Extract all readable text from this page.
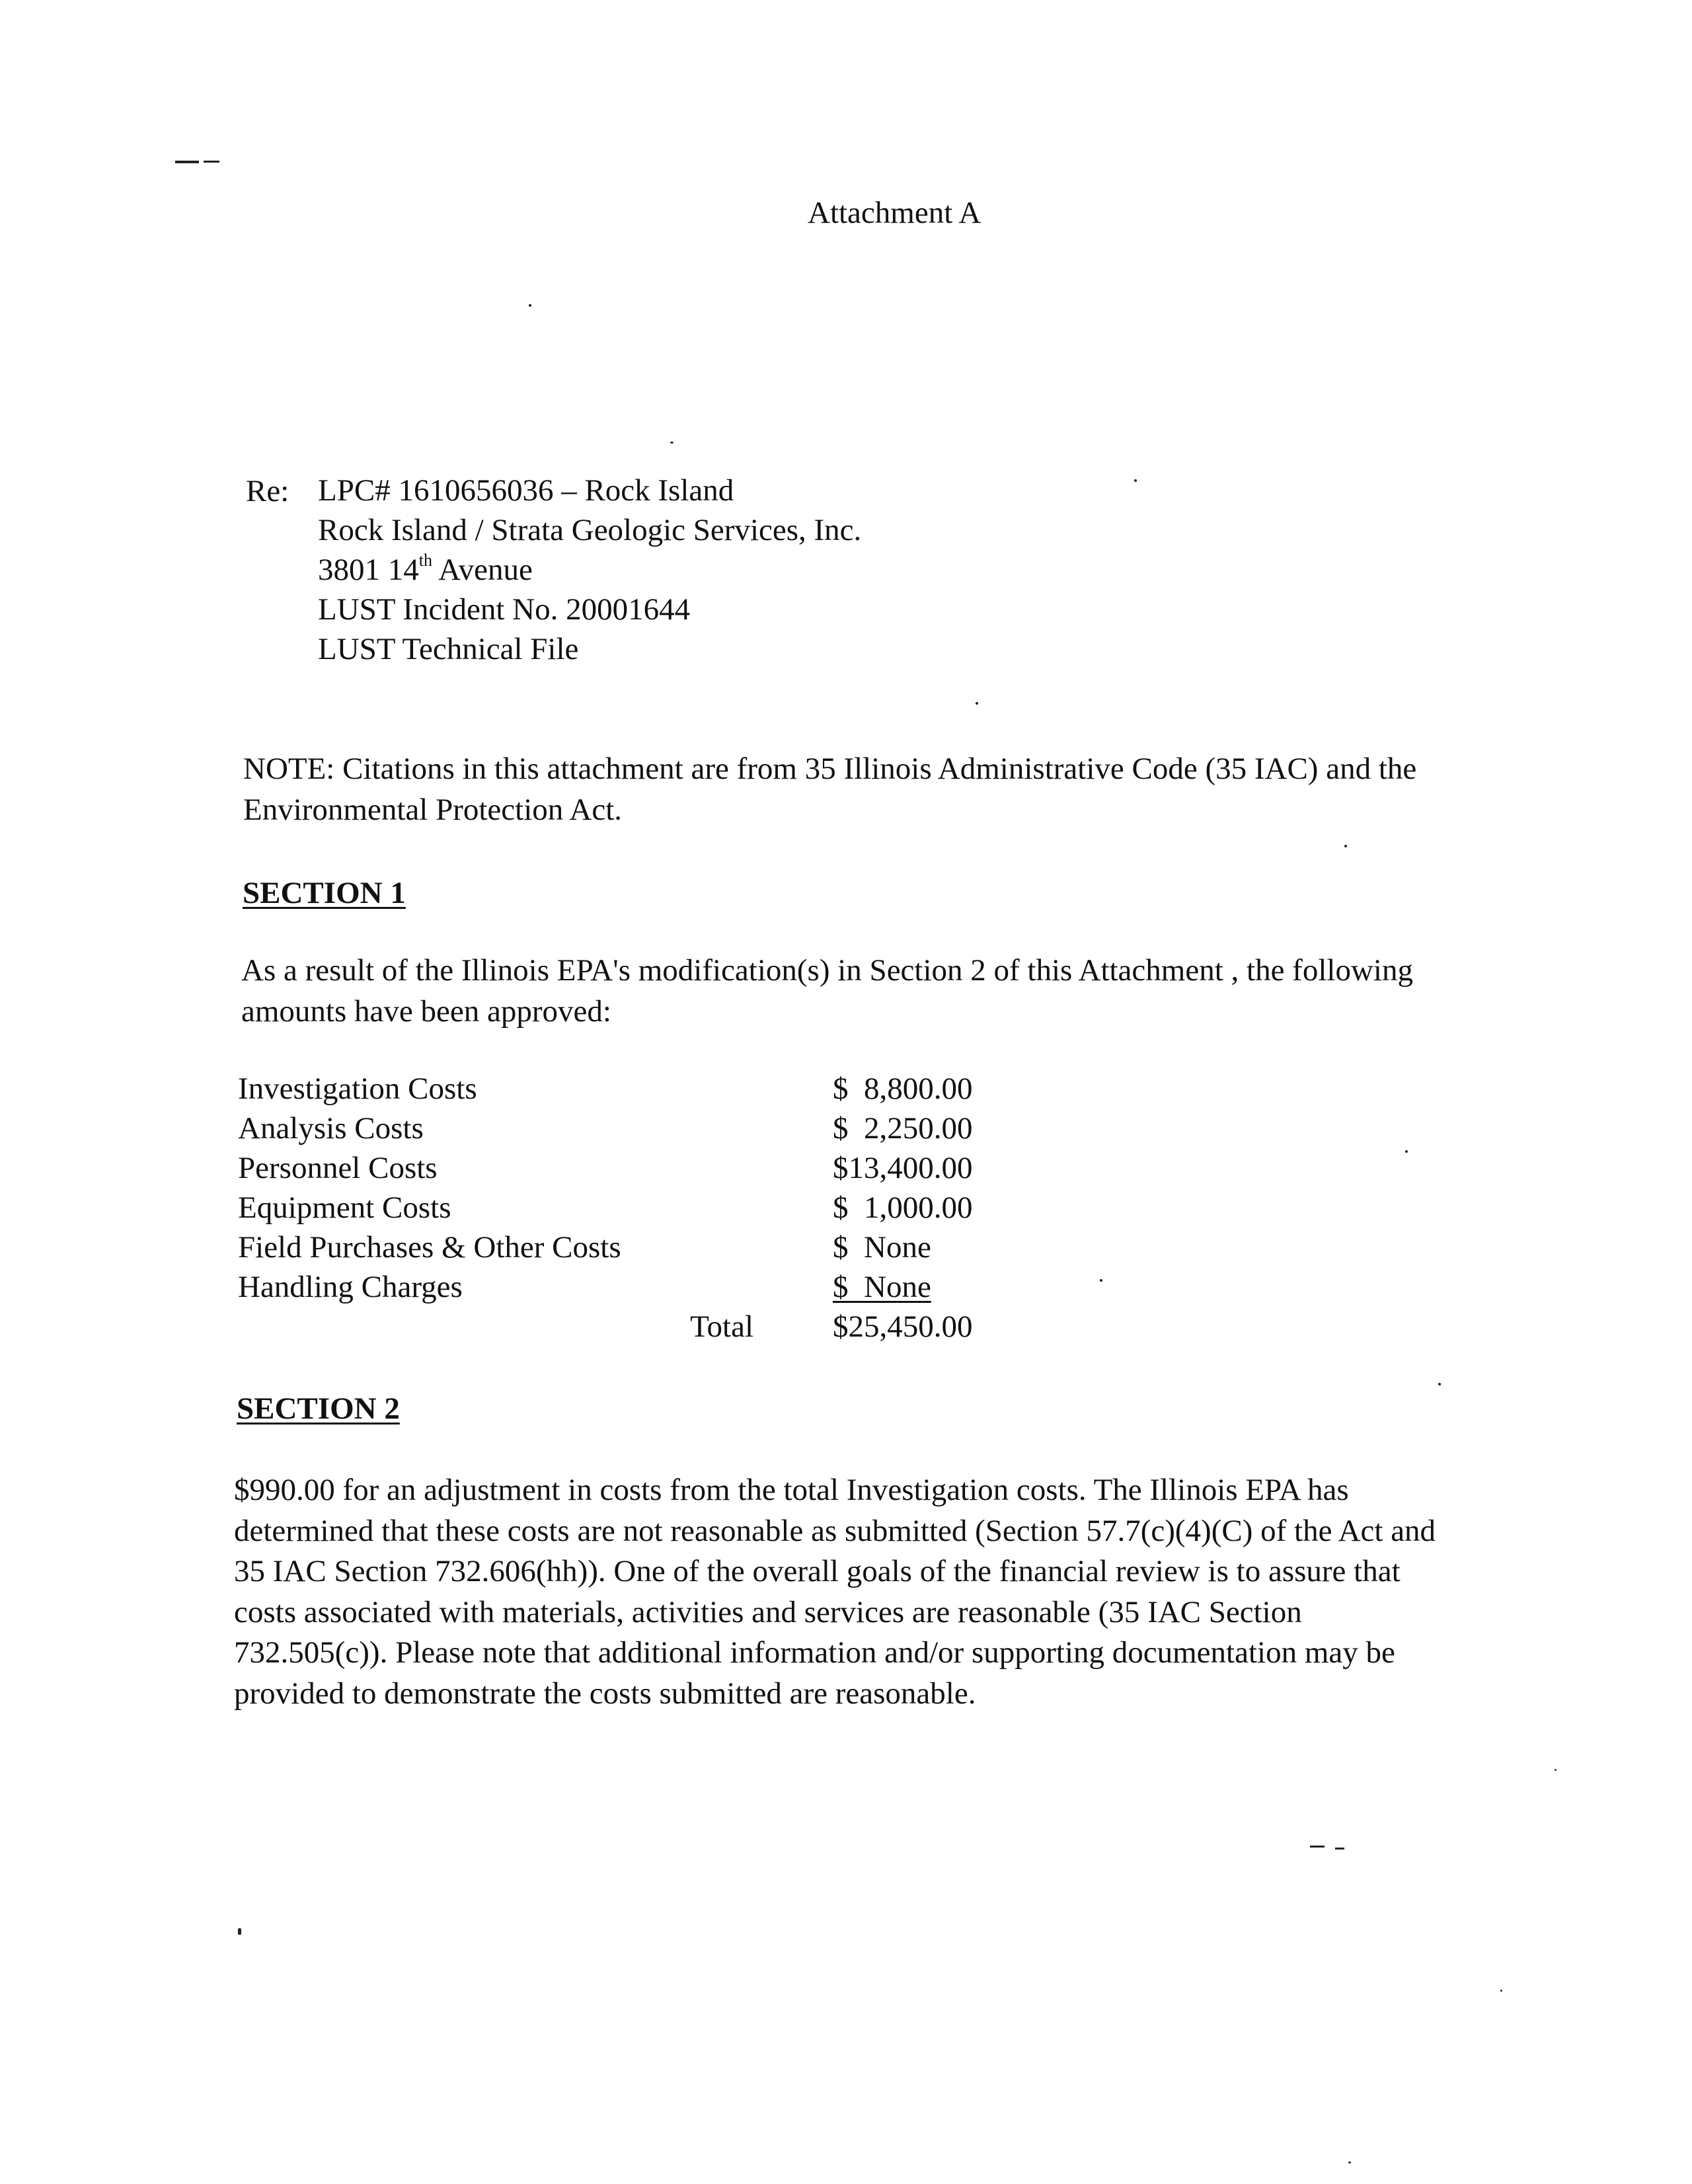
Attachment A
Re: LPC# 1610656036 – Rock Island
Rock Island / Strata Geologic Services, Inc.
3801 14th Avenue
LUST Incident No. 20001644
LUST Technical File
NOTE: Citations in this attachment are from 35 Illinois Administrative Code (35 IAC) and the Environmental Protection Act.
SECTION 1
As a result of the Illinois EPA's modification(s) in Section 2 of this Attachment , the following
amounts have been approved:
Investigation Costs	$  8,800.00
Analysis Costs	$  2,250.00
Personnel Costs	$13,400.00
Equipment Costs	$  1,000.00
Field Purchases & Other Costs	$  None
Handling Charges	$  None
Total	$25,450.00
SECTION 2
$990.00 for an adjustment in costs from the total Investigation costs. The Illinois EPA has
determined that these costs are not reasonable as submitted (Section 57.7(c)(4)(C) of the Act and
35 IAC Section 732.606(hh)). One of the overall goals of the financial review is to assure that
costs associated with materials, activities and services are reasonable (35 IAC Section
732.505(c)). Please note that additional information and/or supporting documentation may be
provided to demonstrate the costs submitted are reasonable.
